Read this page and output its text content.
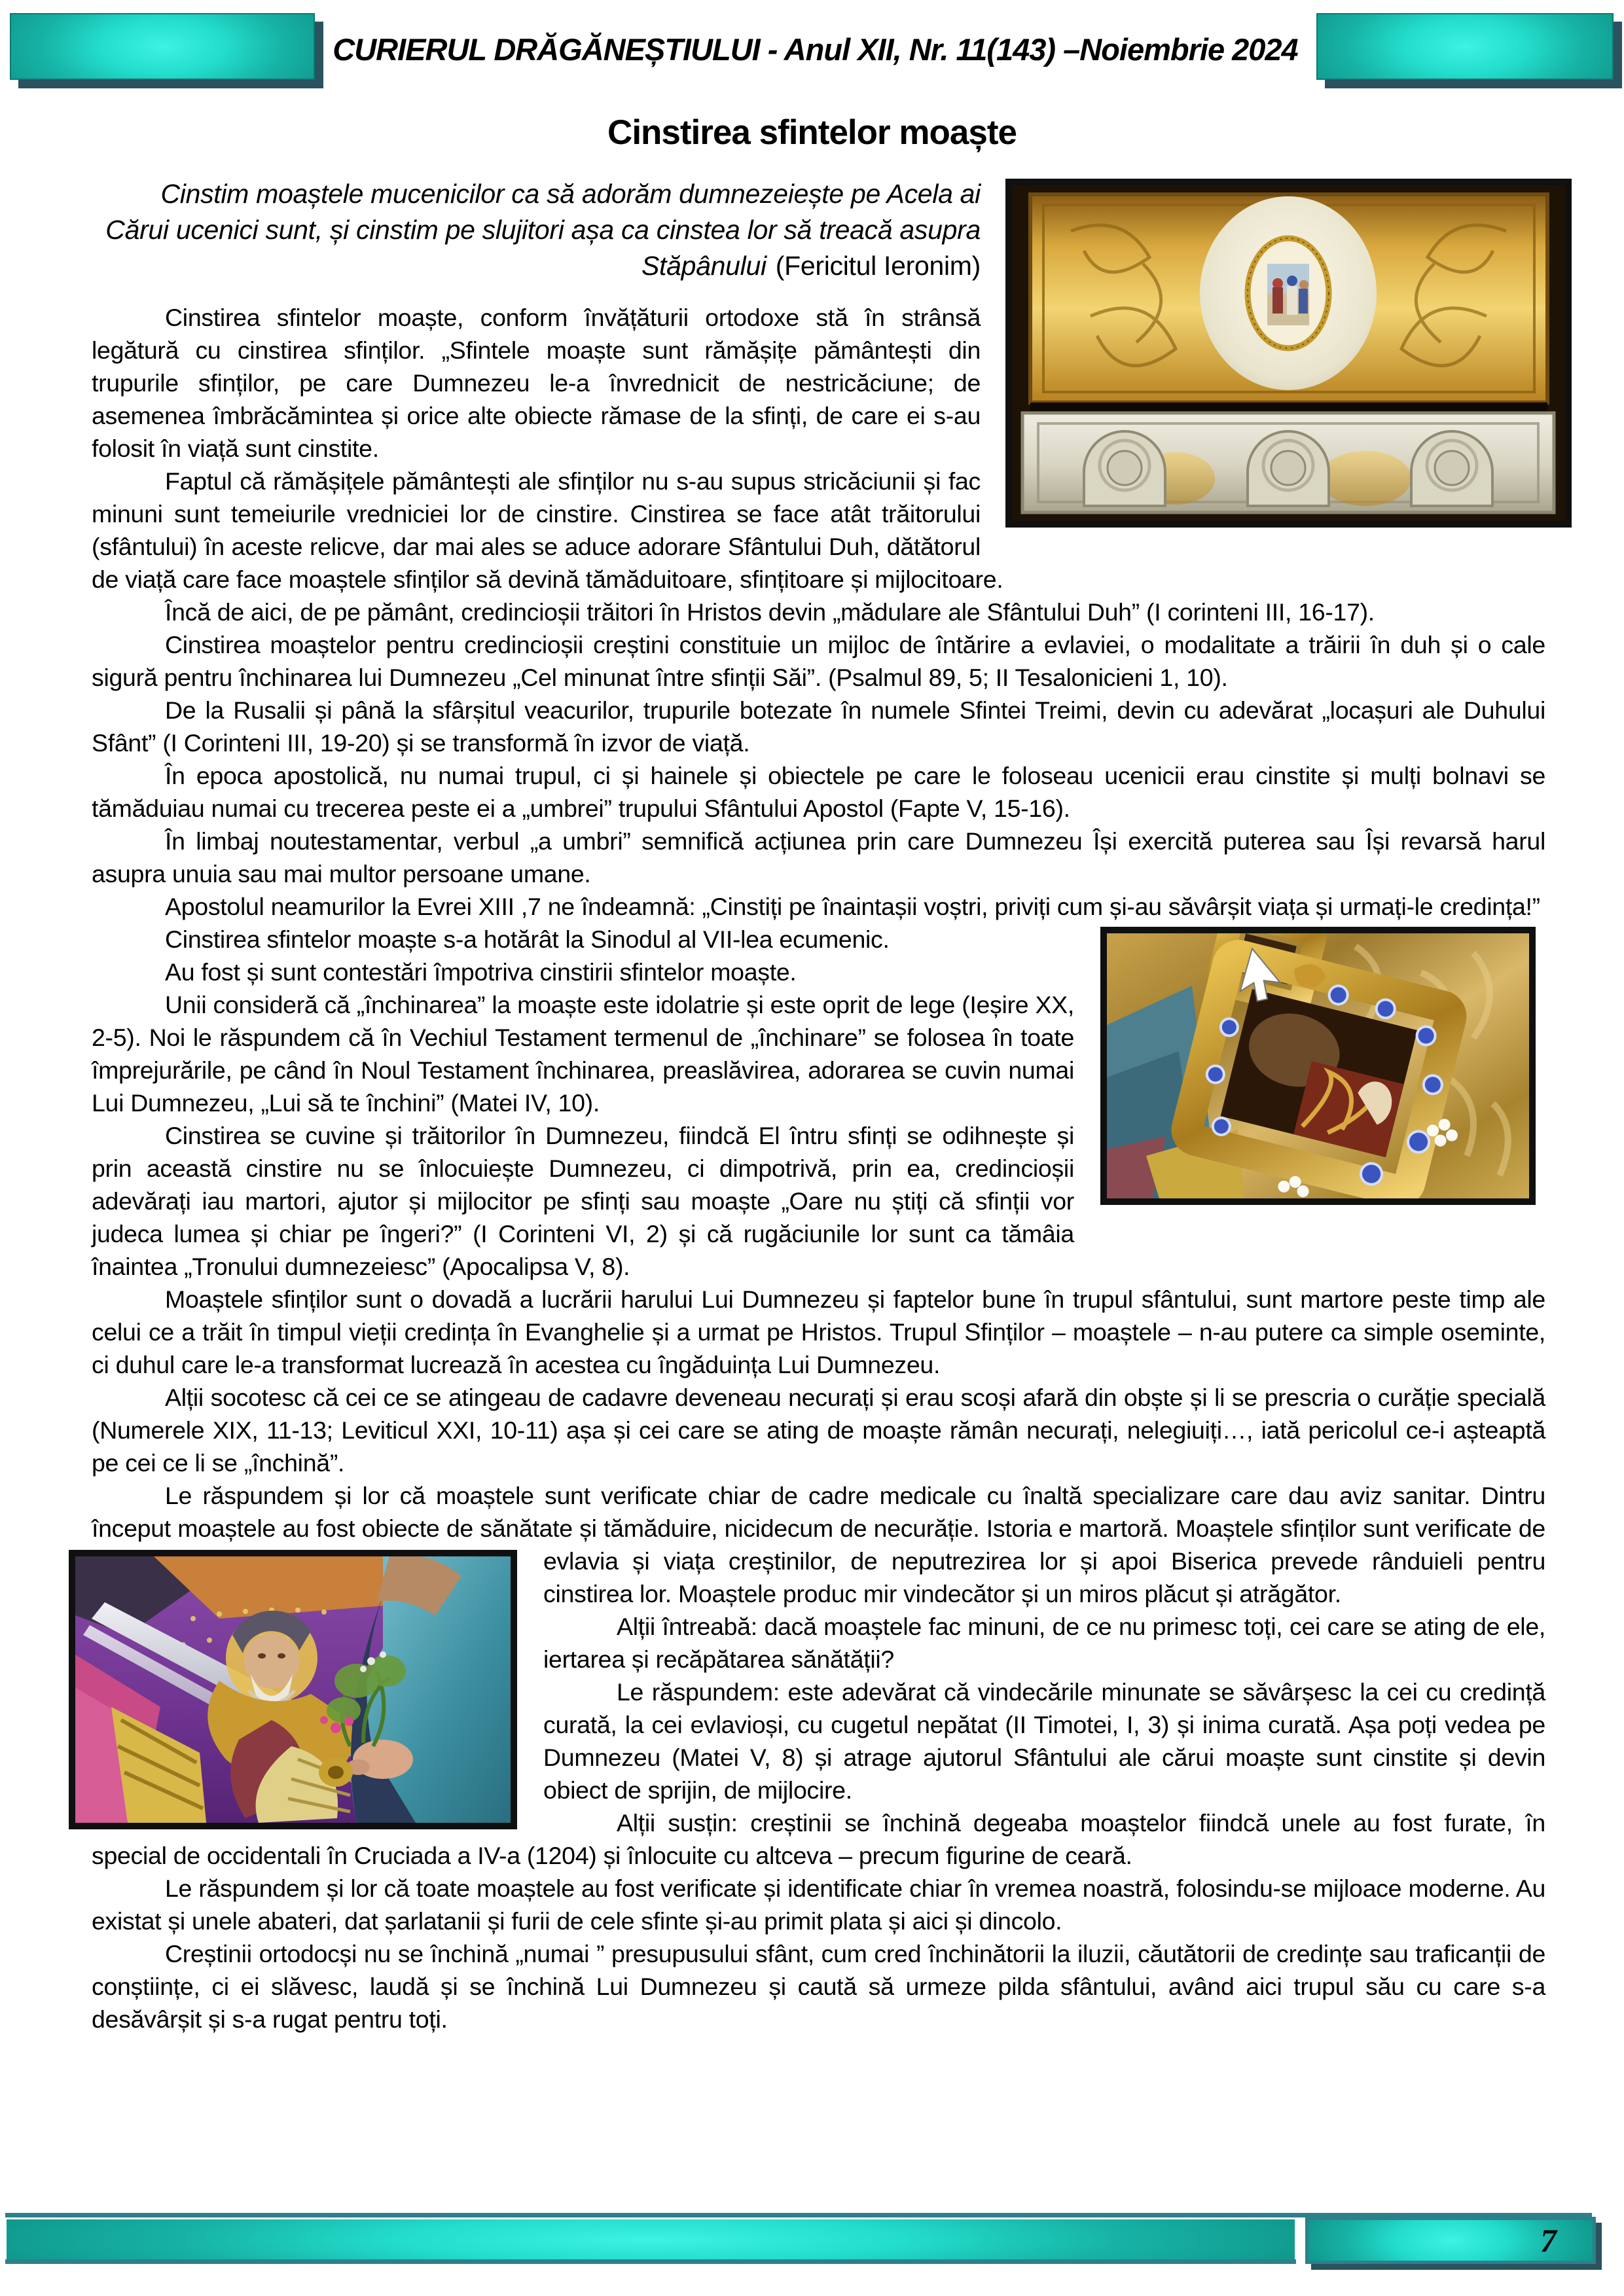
CURIERUL DRĂGĂNEȘTIULUI - Anul XII, Nr. 11(143) –Noiembrie 2024
Cinstirea sfintelor moaște
Cinstim moaștele mucenicilor ca să adorăm dumnezeiește pe Acela ai Cărui ucenici sunt, și cinstim pe slujitori așa ca cinstea lor să treacă asupra Stăpânului (Fericitul Ieronim)

Cinstirea sfintelor moaște, conform învățăturii ortodoxe stă în strânsă legătură cu cinstirea sfinților. „Sfintele moaște sunt rămășițe pământești din trupurile sfinților, pe care Dumnezeu le-a învrednicit de nestricăciune; de asemenea îmbrăcămintea și orice alte obiecte rămase de la sfinți, de care ei s-au folosit în viață sunt cinstite.

Faptul că rămășițele pământești ale sfinților nu s-au supus stricăciunii și fac minuni sunt temeiurile vredniciei lor de cinstire. Cinstirea se face atât trăitorului (sfântului) în aceste relicve, dar mai ales se aduce adorare Sfântului Duh, dătătorul de viață care face moaștele sfinților să devină tămăduitoare, sfințitoare și mijlocitoare.

Încă de aici, de pe pământ, credincioșii trăitori în Hristos devin „mădulare ale Sfântului Duh” (I corinteni III, 16-17).

Cinstirea moaștelor pentru credincioșii creștini constituie un mijloc de întărire a evlaviei, o modalitate a trăirii în duh și o cale sigură pentru închinarea lui Dumnezeu „Cel minunat între sfinții Săi”. (Psalmul 89, 5; II Tesalonicieni 1, 10).

De la Rusalii și până la sfârșitul veacurilor, trupurile botezate în numele Sfintei Treimi, devin cu adevărat „locașuri ale Duhului Sfânt” (I Corinteni III, 19-20) și se transformă în izvor de viață.

În epoca apostolică, nu numai trupul, ci și hainele și obiectele pe care le foloseau ucenicii erau cinstite și mulți bolnavi se tămăduiau numai cu trecerea peste ei a „umbrei” trupului Sfântului Apostol (Fapte V, 15-16).

În limbaj noutestamentar, verbul „a umbri” semnifică acțiunea prin care Dumnezeu Își exercită puterea sau Își revarsă harul asupra unuia sau mai multor persoane umane.

Apostolul neamurilor la Evrei XIII ,7 ne îndeamnă: „Cinstiți pe înaintașii voștri, priviți cum și-au săvârșit viața și urmați-le credința!”

Cinstirea sfintelor moaște s-a hotărât la Sinodul al VII-lea ecumenic.

Au fost și sunt contestări împotriva cinstirii sfintelor moaște.

Unii consideră că „închinarea” la moaște este idolatrie și este oprit de lege (Ieșire XX, 2-5). Noi le răspundem că în Vechiul Testament termenul de „închinare” se folosea în toate împrejurările, pe când în Noul Testament închinarea, preaslăvirea, adorarea se cuvin numai Lui Dumnezeu, „Lui să te închini” (Matei IV, 10).

Cinstirea se cuvine și trăitorilor în Dumnezeu, fiindcă El întru sfinți se odihnește și prin această cinstire nu se înlocuiește Dumnezeu, ci dimpotrivă, prin ea, credincioșii adevărați iau martori, ajutor și mijlocitor pe sfinți sau moaște „Oare nu știți că sfinții vor judeca lumea și chiar pe îngeri?” (I Corinteni VI, 2) și că rugăciunile lor sunt ca tămâia înaintea „Tronului dumnezeiesc” (Apocalipsa V, 8).

Moaștele sfinților sunt o dovadă a lucrării harului Lui Dumnezeu și faptelor bune în trupul sfântului, sunt martore peste timp ale celui ce a trăit în timpul vieții credința în Evanghelie și a urmat pe Hristos. Trupul Sfinților – moaștele – n-au putere ca simple oseminte, ci duhul care le-a transformat lucrează în acestea cu îngăduința Lui Dumnezeu.

Alții socotesc că cei ce se atingeau de cadavre deveneau necurați și erau scoși afară din obște și li se prescria o curăție specială (Numerele XIX, 11-13; Leviticul XXI, 10-11) așa și cei care se ating de moaște rămân necurați, nelegiuiți…, iată pericolul ce-i așteaptă pe cei ce li se „închină”.

Le răspundem și lor că moaștele sunt verificate chiar de cadre medicale cu înaltă specializare care dau aviz sanitar. Dintru început moaștele au fost obiecte de sănătate și tămăduire, nicidecum de necurăție. Istoria e martoră. Moaștele sfinților sunt verificate de evlavia și viața creștinilor, de neputrezirea lor și apoi Biserica prevede rânduieli pentru cinstirea lor. Moaștele produc mir vindecător și un miros plăcut și atrăgător.

Alții întreabă: dacă moaștele fac minuni, de ce nu primesc toți, cei care se ating de ele, iertarea și recăpătarea sănătății?

Le răspundem: este adevărat că vindecările minunate se săvârșesc la cei cu credință curată, la cei evlavioși, cu cugetul nepătat (II Timotei, I, 3) și inima curată. Așa poți vedea pe Dumnezeu (Matei V, 8) și atrage ajutorul Sfântului ale cărui moaște sunt cinstite și devin obiect de sprijin, de mijlocire.

Alții susțin: creștinii se închină degeaba moaștelor fiindcă unele au fost furate, în special de occidentali în Cruciada a IV-a (1204) și înlocuite cu altceva – precum figurine de ceară.

Le răspundem și lor că toate moaștele au fost verificate și identificate chiar în vremea noastră, folosindu-se mijloace moderne. Au existat și unele abateri, dat șarlatanii și furii de cele sfinte și-au primit plata și aici și dincolo.

Creștinii ortodocși nu se închină „numai ” presupusului sfânt, cum cred închinătorii la iluzii, căutătorii de credințe sau traficanții de conștiințe, ci ei slăvesc, laudă și se închină Lui Dumnezeu și caută să urmeze pilda sfântului, având aici trupul său cu care s-a desăvârșit și s-a rugat pentru toți.

7
